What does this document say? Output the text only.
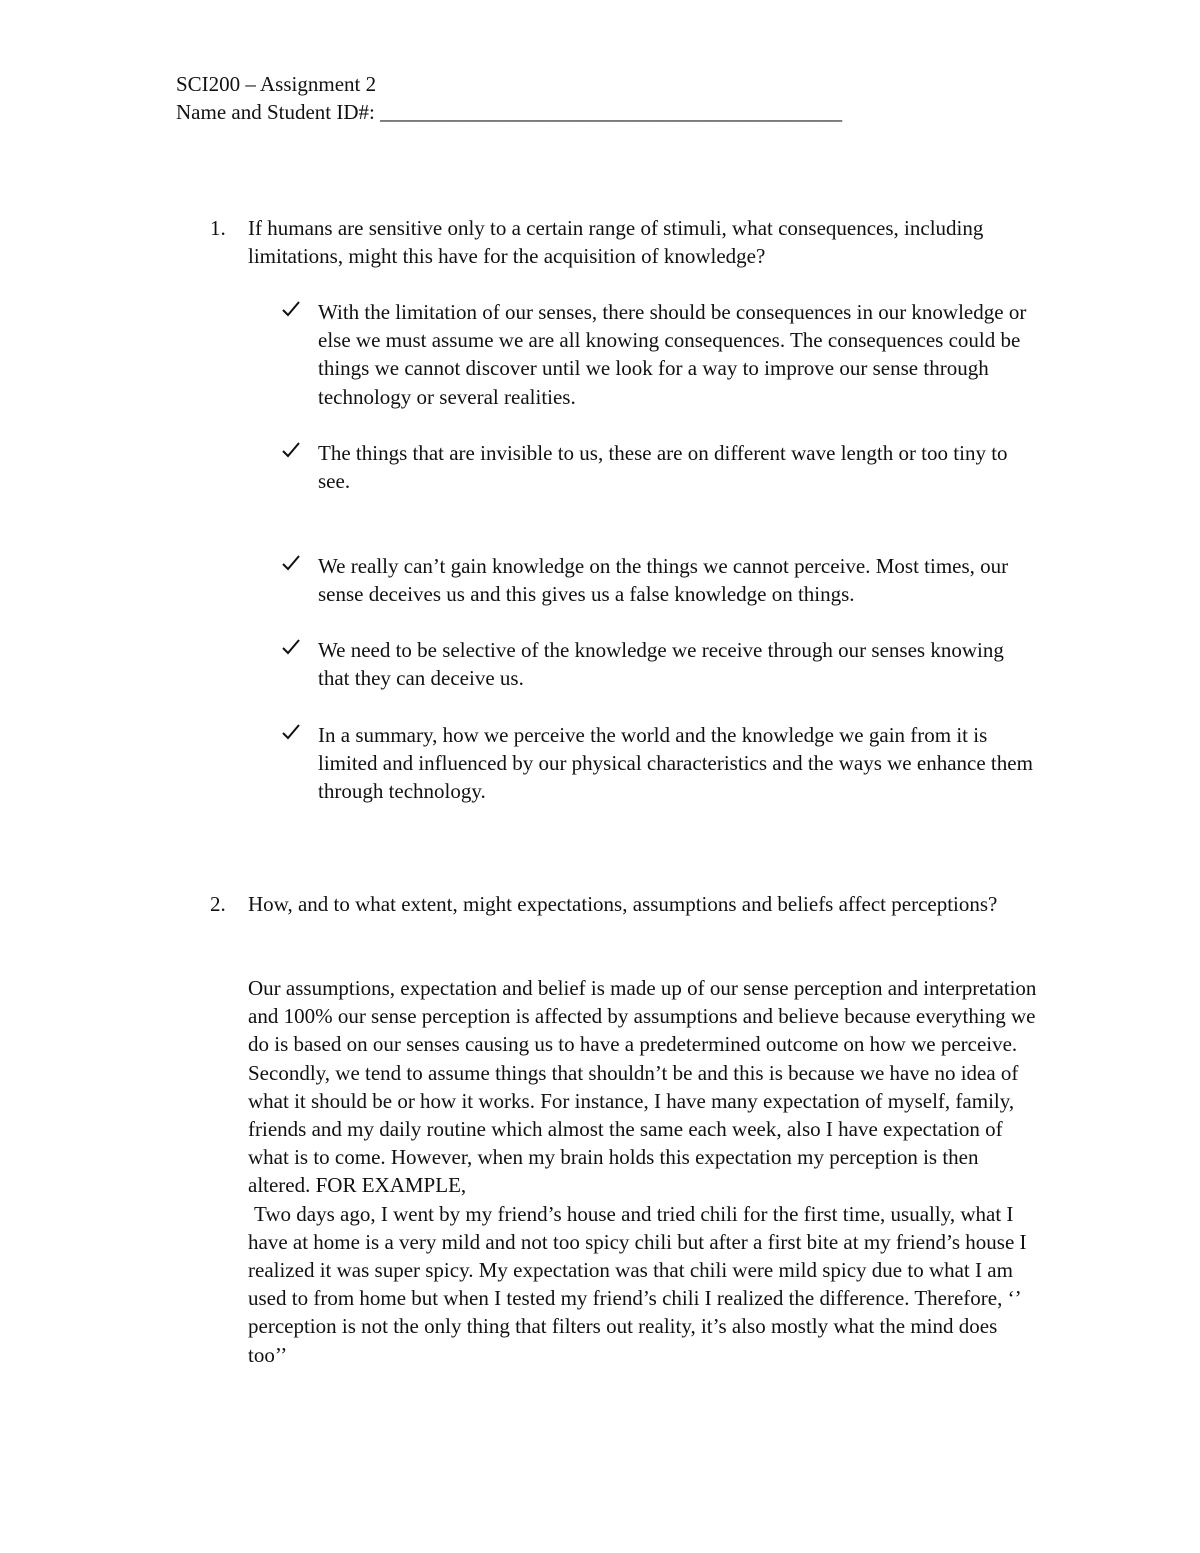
SCI200 – Assignment 2
Name and Student ID#: ____________________________________________
1. If humans are sensitive only to a certain range of stimuli, what consequences, including limitations, might this have for the acquisition of knowledge?
With the limitation of our senses, there should be consequences in our knowledge or else we must assume we are all knowing consequences. The consequences could be things we cannot discover until we look for a way to improve our sense through technology or several realities.
The things that are invisible to us, these are on different wave length or too tiny to see.
We really can’t gain knowledge on the things we cannot perceive. Most times, our sense deceives us and this gives us a false knowledge on things.
We need to be selective of the knowledge we receive through our senses knowing that they can deceive us.
In a summary, how we perceive the world and the knowledge we gain from it is limited and influenced by our physical characteristics and the ways we enhance them through technology.
2. How, and to what extent, might expectations, assumptions and beliefs affect perceptions?

Our assumptions, expectation and belief is made up of our sense perception and interpretation and 100% our sense perception is affected by assumptions and believe because everything we do is based on our senses causing us to have a predetermined outcome on how we perceive.

Secondly, we tend to assume things that shouldn’t be and this is because we have no idea of what it should be or how it works. For instance, I have many expectation of myself, family, friends and my daily routine which almost the same each week, also I have expectation of what is to come. However, when my brain holds this expectation my perception is then altered. FOR EXAMPLE,

Two days ago, I went by my friend’s house and tried chili for the first time, usually, what I have at home is a very mild and not too spicy chili but after a first bite at my friend’s house I realized it was super spicy. My expectation was that chili were mild spicy due to what I am used to from home but when I tested my friend’s chili I realized the difference. Therefore, ‘’ perception is not the only thing that filters out reality, it’s also mostly what the mind does too’’
